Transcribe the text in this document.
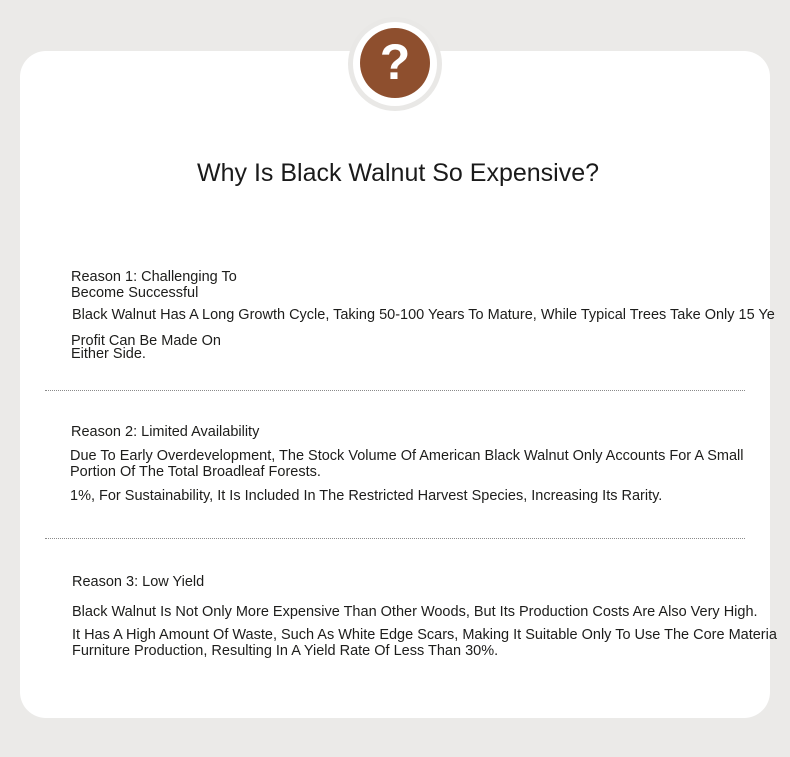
?
Why Is Black Walnut So Expensive?
Reason 1: Challenging To Become Successful

Black Walnut Has A Long Growth Cycle, Taking 50-100 Years To Mature, While Typical Trees Take Only 15 Ye

Profit Can Be Made On Either Side.

Reason 2: Limited Availability

Due To Early Overdevelopment, The Stock Volume Of American Black Walnut Only Accounts For A Small Portion Of The Total Broadleaf Forests.

1%, For Sustainability, It Is Included In The Restricted Harvest Species, Increasing Its Rarity.

Reason 3: Low Yield

Black Walnut Is Not Only More Expensive Than Other Woods, But Its Production Costs Are Also Very High.

It Has A High Amount Of Waste, Such As White Edge Scars, Making It Suitable Only To Use The Core Materia Furniture Production, Resulting In A Yield Rate Of Less Than 30%.
